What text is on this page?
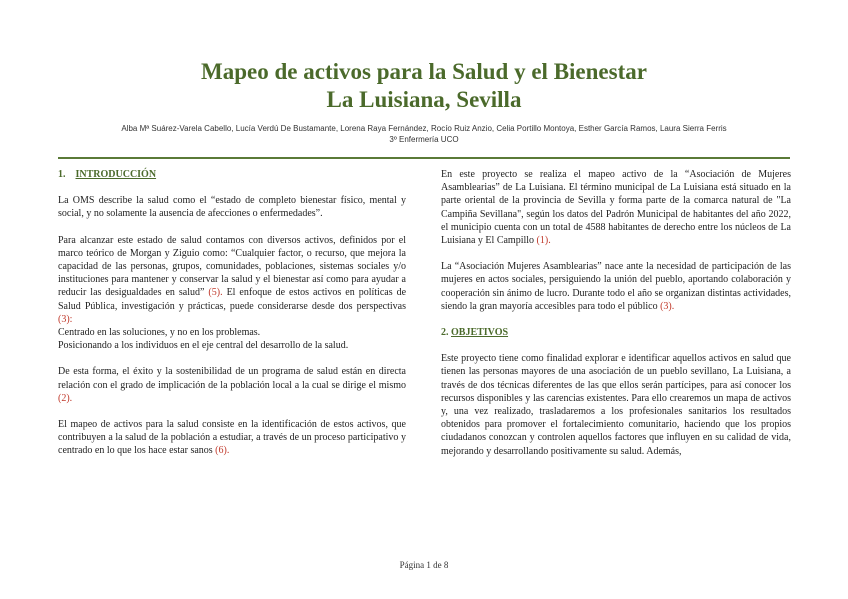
Mapeo de activos para la Salud y el Bienestar
La Luisiana, Sevilla
Alba Mª Suárez-Varela Cabello, Lucía Verdú De Bustamante, Lorena Raya Fernández, Rocío Ruiz Anzio, Celia Portillo Montoya, Esther García Ramos, Laura Sierra Ferris
3º Enfermería UCO
1. INTRODUCCIÓN

La OMS describe la salud como el “estado de completo bienestar físico, mental y social, y no solamente la ausencia de afecciones o enfermedades”.

Para alcanzar este estado de salud contamos con diversos activos, definidos por el marco teórico de Morgan y Ziguio como: “Cualquier factor, o recurso, que mejora la capacidad de las personas, grupos, comunidades, poblaciones, sistemas sociales y/o instituciones para mantener y conservar la salud y el bienestar así como para ayudar a reducir las desigualdades en salud” (5). El enfoque de estos activos en políticas de Salud Pública, investigación y prácticas, puede considerarse desde dos perspectivas (3):

Centrado en las soluciones, y no en los problemas.

Posicionando a los individuos en el eje central del desarrollo de la salud.

De esta forma, el éxito y la sostenibilidad de un programa de salud están en directa relación con el grado de implicación de la población local a la cual se dirige el mismo (2).

El mapeo de activos para la salud consiste en la identificación de estos activos, que contribuyen a la salud de la población a estudiar, a través de un proceso participativo y centrado en lo que los hace estar sanos (6).

En este proyecto se realiza el mapeo activo de la “Asociación de Mujeres Asamblearias” de La Luisiana. El término municipal de La Luisiana está situado en la parte oriental de la provincia de Sevilla y forma parte de la comarca natural de "La Campiña Sevillana", según los datos del Padrón Municipal de habitantes del año 2022, el municipio cuenta con un total de 4588 habitantes de derecho entre los núcleos de La Luisiana y El Campillo (1).

La “Asociación Mujeres Asamblearias” nace ante la necesidad de participación de las mujeres en actos sociales, persiguiendo la unión del pueblo, aportando colaboración y cooperación sin ánimo de lucro. Durante todo el año se organizan distintas actividades, siendo la gran mayoría accesibles para todo el público (3).

2. OBJETIVOS

Este proyecto tiene como finalidad explorar e identificar aquellos activos en salud que tienen las personas mayores de una asociación de un pueblo sevillano, La Luisiana, a través de dos técnicas diferentes de las que ellos serán partícipes, para así conocer los recursos disponibles y las carencias existentes. Para ello crearemos un mapa de activos y, una vez realizado, trasladaremos a los profesionales sanitarios los resultados obtenidos para promover el fortalecimiento comunitario, haciendo que los propios ciudadanos conozcan y controlen aquellos factores que influyen en su calidad de vida, mejorando y desarrollando positivamente su salud. Además,

Página 1 de 8
